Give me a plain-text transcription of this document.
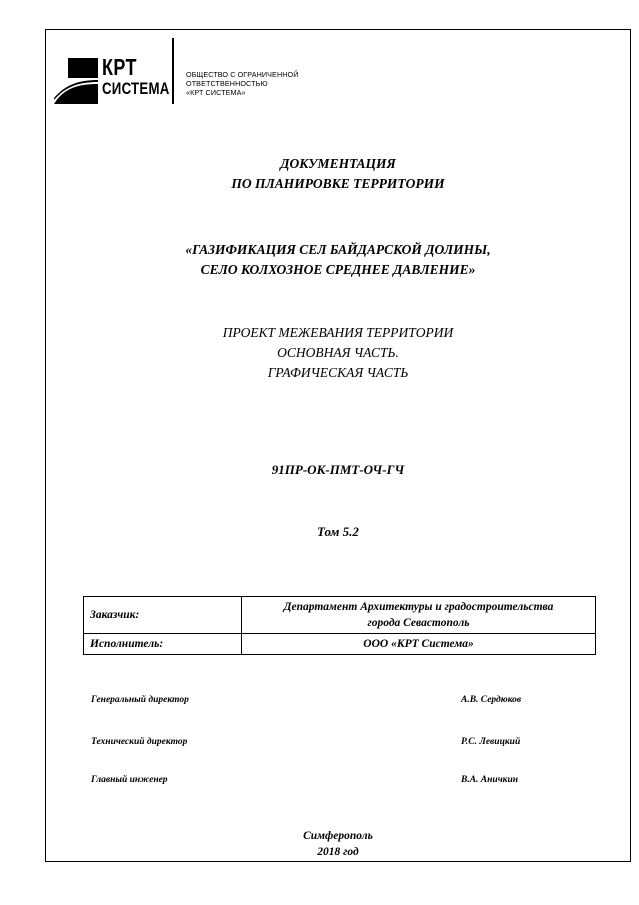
КРТ
СИСТЕМА
ОБЩЕСТВО С ОГРАНИЧЕННОЙ
ОТВЕТСТВЕННОСТЬЮ
«КРТ СИСТЕМА»
ДОКУМЕНТАЦИЯ
ПО ПЛАНИРОВКЕ ТЕРРИТОРИИ
«ГАЗИФИКАЦИЯ СЕЛ БАЙДАРСКОЙ ДОЛИНЫ,
СЕЛО КОЛХОЗНОЕ СРЕДНЕЕ ДАВЛЕНИЕ»
ПРОЕКТ МЕЖЕВАНИЯ ТЕРРИТОРИИ
ОСНОВНАЯ ЧАСТЬ.
ГРАФИЧЕСКАЯ ЧАСТЬ
91ПР-ОК-ПМТ-ОЧ-ГЧ
Том 5.2
Заказчик:	Департамент Архитектуры и градостроительства
города Севастополь

Исполнитель:	ООО «КРТ Система»
Генеральный директор	А.В. Сердюков
Технический директор	Р.С. Левицкий
Главный инженер	В.А. Аничкин
Симферополь
2018 год
